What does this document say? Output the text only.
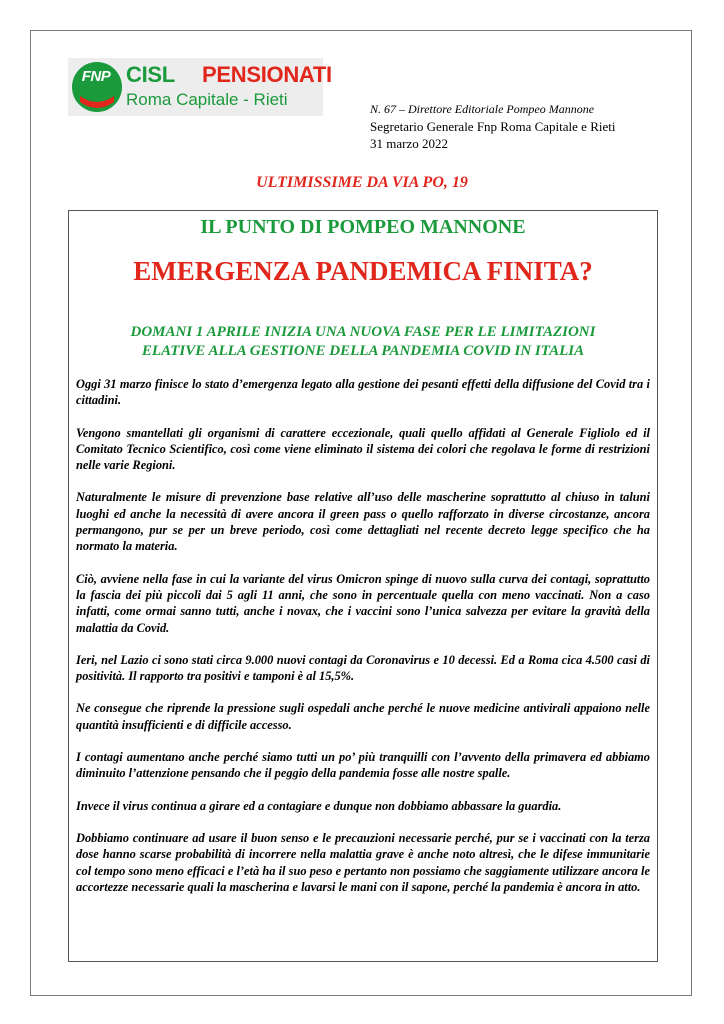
FNP CISL PENSIONATI
Roma Capitale - Rieti	N. 67 – Direttore Editoriale Pompeo Mannone
Segretario Generale Fnp Roma Capitale e Rieti
31 marzo 2022
ULTIMISSIME DA VIA PO, 19
IL PUNTO DI POMPEO MANNONE
EMERGENZA PANDEMICA FINITA?
DOMANI 1 APRILE INIZIA UNA NUOVA FASE PER LE LIMITAZIONI
ELATIVE ALLA GESTIONE DELLA PANDEMIA COVID IN ITALIA

Oggi 31 marzo finisce lo stato d’emergenza legato alla gestione dei pesanti effetti della diffusione del Covid tra i cittadini.

Vengono smantellati gli organismi di carattere eccezionale, quali quello affidati al Generale Figliolo ed il Comitato Tecnico Scientifico, così come viene eliminato il sistema dei colori che regolava le forme di restrizioni nelle varie Regioni.

Naturalmente le misure di prevenzione base relative all’uso delle mascherine soprattutto al chiuso in taluni luoghi ed anche la necessità di avere ancora il green pass o quello rafforzato in diverse circostanze, ancora permangono, pur se per un breve periodo, così come dettagliati nel recente decreto legge specifico che ha normato la materia.

Ciò, avviene nella fase in cui la variante del virus Omicron spinge di nuovo sulla curva dei contagi, soprattutto la fascia dei più piccoli dai 5 agli 11 anni, che sono in percentuale quella con meno vaccinati. Non a caso infatti, come ormai sanno tutti, anche i novax, che i vaccini sono l’unica salvezza per evitare la gravità della malattia da Covid.

Ieri, nel Lazio ci sono stati circa 9.000 nuovi contagi da Coronavirus e 10 decessi. Ed a Roma cica 4.500 casi di positività. Il rapporto tra positivi e tamponi è al 15,5%.

Ne consegue che riprende la pressione sugli ospedali anche perché le nuove medicine antivirali appaiono nelle quantità insufficienti e di difficile accesso.

I contagi aumentano anche perché siamo tutti un po’ più tranquilli con l’avvento della primavera ed abbiamo diminuito l’attenzione pensando che il peggio della pandemia fosse alle nostre spalle.

Invece il virus continua a girare ed a contagiare e dunque non dobbiamo abbassare la guardia.

Dobbiamo continuare ad usare il buon senso e le precauzioni necessarie perché, pur se i vaccinati con la terza dose hanno scarse probabilità di incorrere nella malattia grave è anche noto altresì, che le difese immunitarie col tempo sono meno efficaci e l’età ha il suo peso e pertanto non possiamo che saggiamente utilizzare ancora le accortezze necessarie quali la mascherina e lavarsi le mani con il sapone, perché la pandemia è ancora in atto.
